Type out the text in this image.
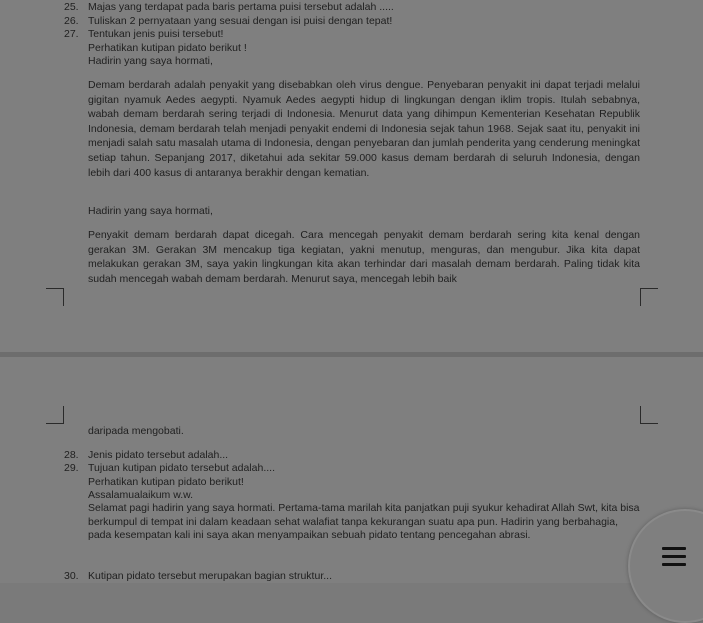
25. Majas yang terdapat pada baris pertama puisi tersebut adalah .....
26. Tuliskan 2 pernyataan yang sesuai dengan isi puisi dengan tepat!
27. Tentukan jenis puisi tersebut!
Perhatikan kutipan pidato berikut !
Hadirin yang saya hormati,
Demam berdarah adalah penyakit yang disebabkan oleh virus dengue. Penyebaran penyakit ini dapat terjadi melalui gigitan nyamuk Aedes aegypti. Nyamuk Aedes aegypti hidup di lingkungan dengan iklim tropis. Itulah sebabnya, wabah demam berdarah sering terjadi di Indonesia. Menurut data yang dihimpun Kementerian Kesehatan Republik Indonesia, demam berdarah telah menjadi penyakit endemi di Indonesia sejak tahun 1968. Sejak saat itu, penyakit ini menjadi salah satu masalah utama di Indonesia, dengan penyebaran dan jumlah penderita yang cenderung meningkat setiap tahun. Sepanjang 2017, diketahui ada sekitar 59.000 kasus demam berdarah di seluruh Indonesia, dengan lebih dari 400 kasus di antaranya berakhir dengan kematian.
Hadirin yang saya hormati,
Penyakit demam berdarah dapat dicegah. Cara mencegah penyakit demam berdarah sering kita kenal dengan gerakan 3M. Gerakan 3M mencakup tiga kegiatan, yakni menutup, menguras, dan mengubur. Jika kita dapat melakukan gerakan 3M, saya yakin lingkungan kita akan terhindar dari masalah demam berdarah. Paling tidak kita sudah mencegah wabah demam berdarah. Menurut saya, mencegah lebih baik
daripada mengobati.
28. Jenis pidato tersebut adalah...
29. Tujuan kutipan pidato tersebut adalah....
Perhatikan kutipan pidato berikut!
Assalamualaikum w.w.
Selamat pagi hadirin yang saya hormati. Pertama-tama marilah kita panjatkan puji syukur kehadirat Allah Swt, kita bisa berkumpul di tempat ini dalam keadaan sehat walafiat tanpa kekurangan suatu apa pun. Hadirin yang berbahagia, pada kesempatan kali ini saya akan menyampaikan sebuah pidato tentang pencegahan abrasi.
30. Kutipan pidato tersebut merupakan bagian struktur...
